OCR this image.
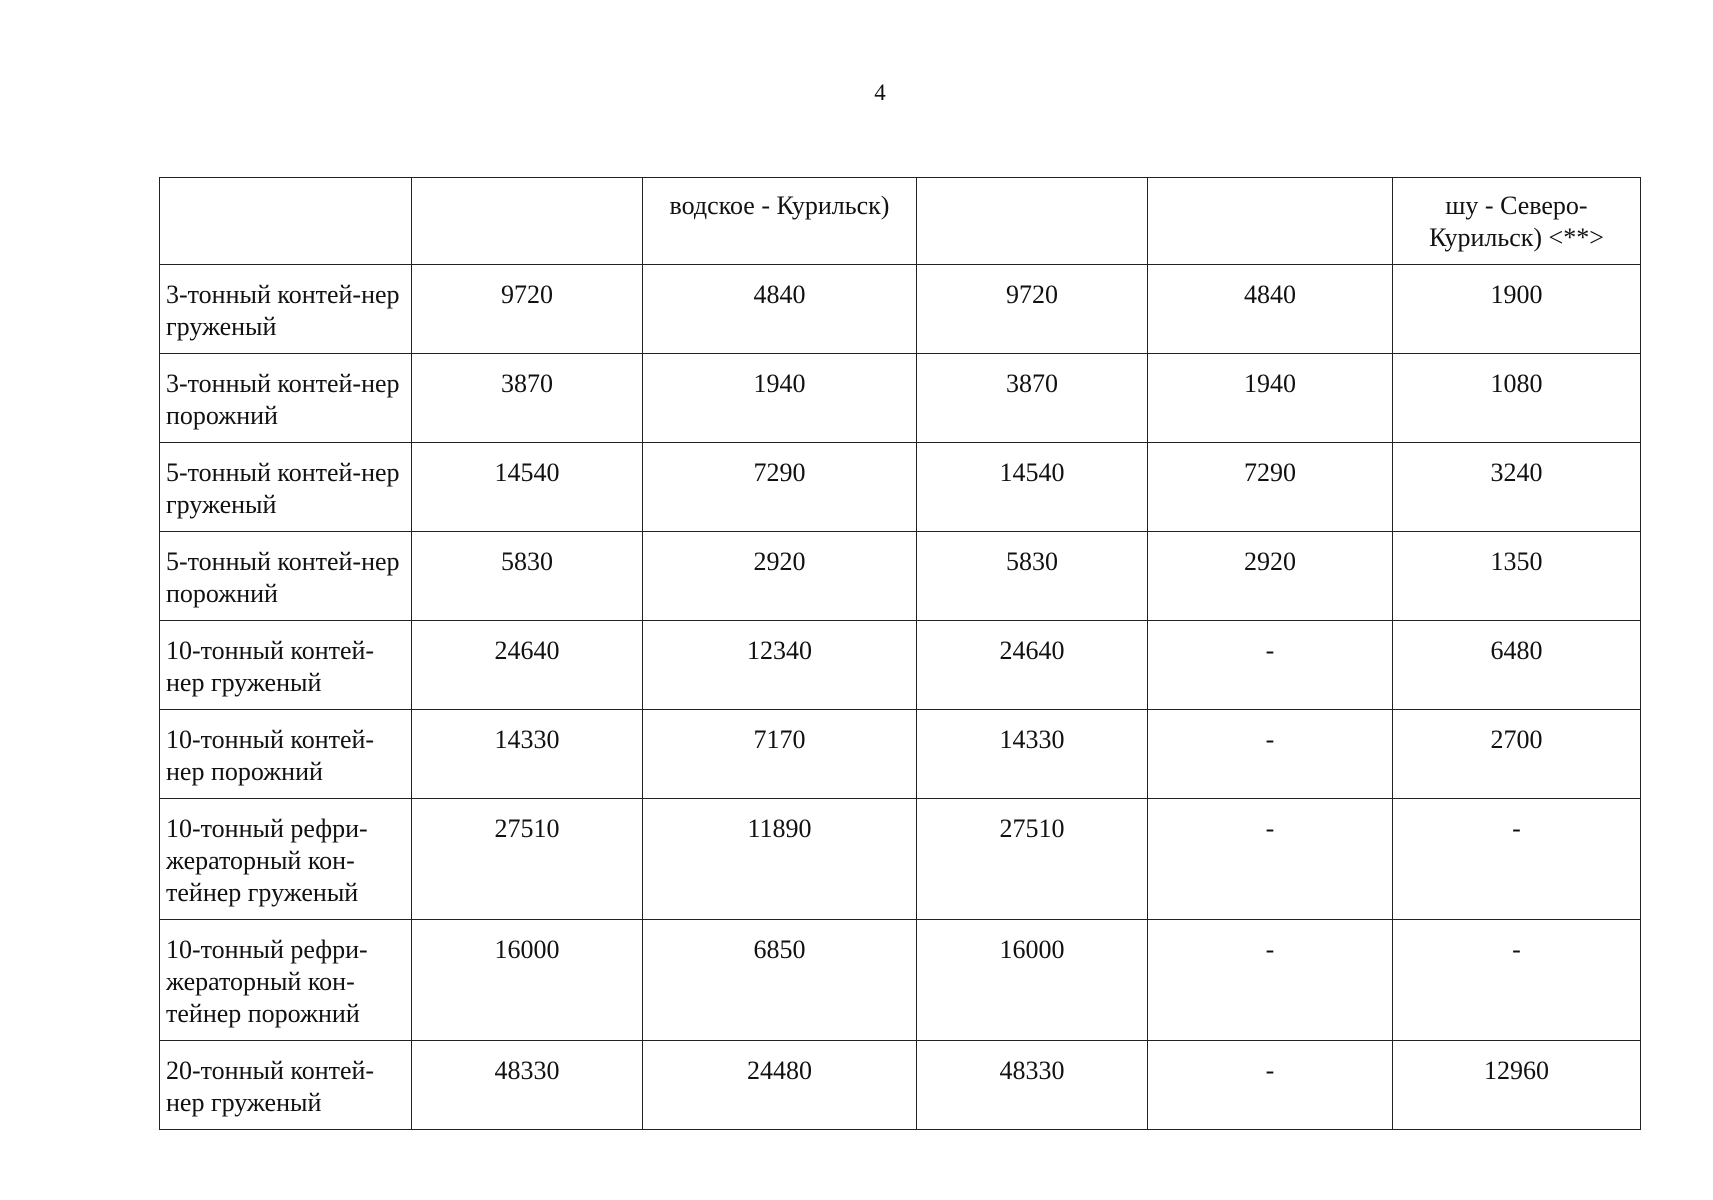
4
		водское - Курильск)			шу - Северо-Курильск) <**>
3-тонный контей-нер груженый	9720	4840	9720	4840	1900
3-тонный контей-нер порожний	3870	1940	3870	1940	1080
5-тонный контей-нер груженый	14540	7290	14540	7290	3240
5-тонный контей-нер порожний	5830	2920	5830	2920	1350
10-тонный контей-нер груженый	24640	12340	24640	-	6480
10-тонный контей-нер порожний	14330	7170	14330	-	2700
10-тонный рефри-жераторный кон-тейнер груженый	27510	11890	27510	-	-
10-тонный рефри-жераторный кон-тейнер порожний	16000	6850	16000	-	-
20-тонный контей-нер груженый	48330	24480	48330	-	12960
